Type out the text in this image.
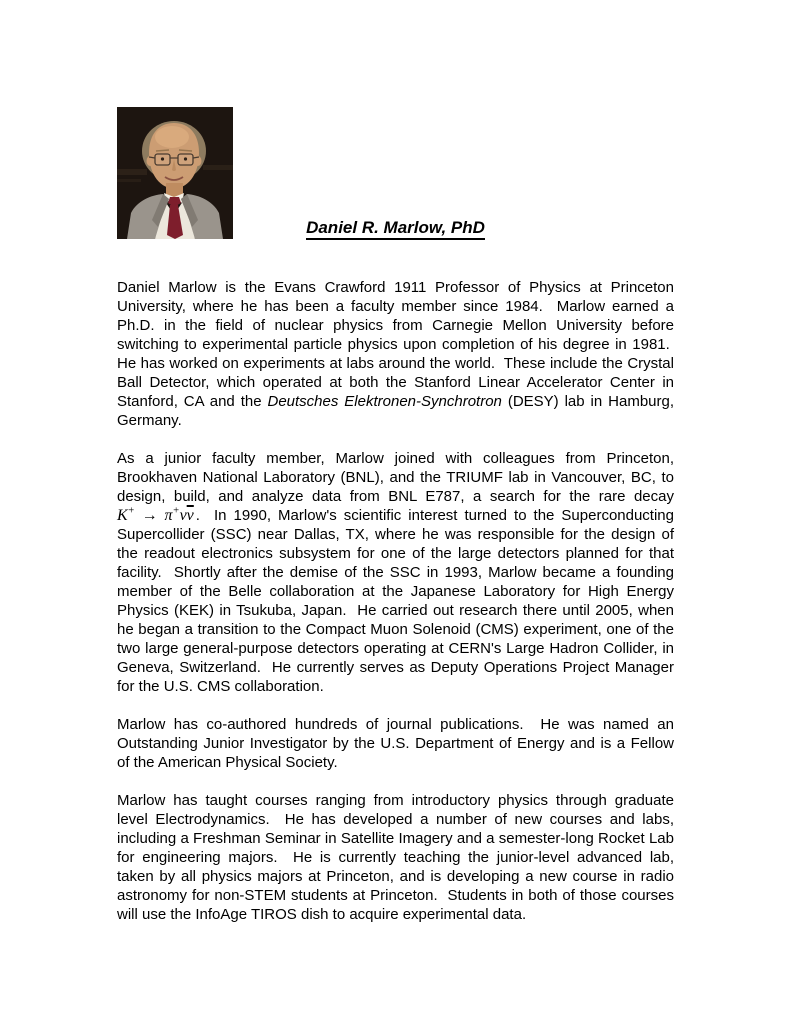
Daniel R. Marlow, PhD

Daniel Marlow is the Evans Crawford 1911 Professor of Physics at Princeton University, where he has been a faculty member since 1984.  Marlow earned a Ph.D. in the field of nuclear physics from Carnegie Mellon University before switching to experimental particle physics upon completion of his degree in 1981.  He has worked on experiments at labs around the world.  These include the Crystal Ball Detector, which operated at both the Stanford Linear Accelerator Center in Stanford, CA and the Deutsches Elektronen-Synchrotron (DESY) lab in Hamburg, Germany.

As a junior faculty member, Marlow joined with colleagues from Princeton, Brookhaven National Laboratory (BNL), and the TRIUMF lab in Vancouver, BC, to design, build, and analyze data from BNL E787, a search for the rare decay $K^+ \to \pi^+\nu\overline{\nu}$ .  In 1990, Marlow's scientific interest turned to the Superconducting Supercollider (SSC) near Dallas, TX, where he was responsible for the design of the readout electronics subsystem for one of the large detectors planned for that facility.  Shortly after the demise of the SSC in 1993, Marlow became a founding member of the Belle collaboration at the Japanese Laboratory for High Energy Physics (KEK) in Tsukuba, Japan.  He carried out research there until 2005, when he began a transition to the Compact Muon Solenoid (CMS) experiment, one of the two large general-purpose detectors operating at CERN's Large Hadron Collider, in Geneva, Switzerland.  He currently serves as Deputy Operations Project Manager for the U.S. CMS collaboration.

Marlow has co-authored hundreds of journal publications.  He was named an Outstanding Junior Investigator by the U.S. Department of Energy and is a Fellow of the American Physical Society.

Marlow has taught courses ranging from introductory physics through graduate level Electrodynamics.  He has developed a number of new courses and labs, including a Freshman Seminar in Satellite Imagery and a semester-long Rocket Lab for engineering majors.  He is currently teaching the junior-level advanced lab, taken by all physics majors at Princeton, and is developing a new course in radio astronomy for non-STEM students at Princeton.  Students in both of those courses will use the InfoAge TIROS dish to acquire experimental data.
